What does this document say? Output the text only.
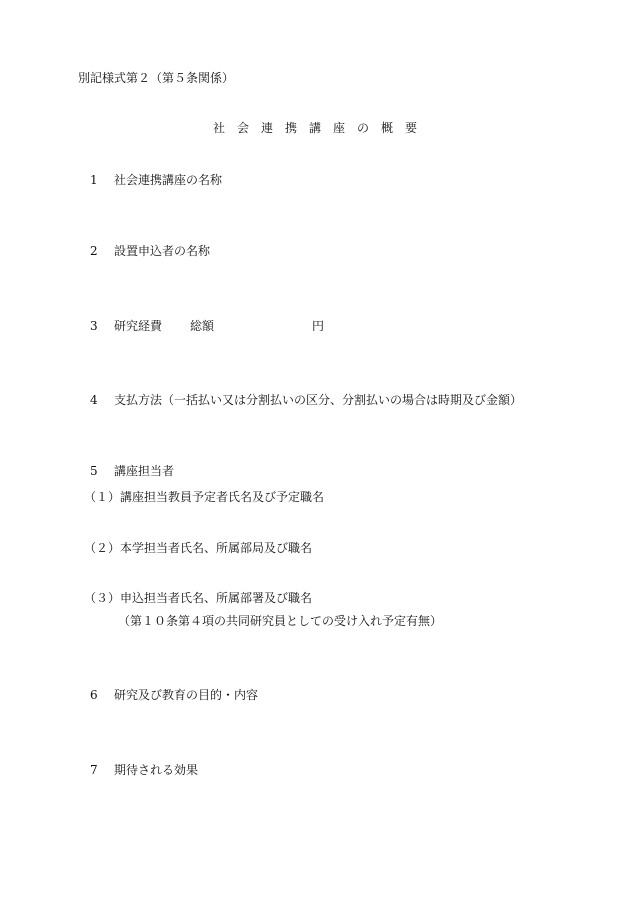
別記様式第２（第５条関係）
社会連携講座の概要
1 社会連携講座の名称
2 設置申込者の名称
3 研究経費 総額	円
4 支払方法（一括払い又は分割払いの区分、分割払いの場合は時期及び金額）
5 講座担当者
（１）講座担当教員予定者氏名及び予定職名
（２）本学担当者氏名、所属部局及び職名
（３）申込担当者氏名、所属部署及び職名
（第１０条第４項の共同研究員としての受け入れ予定有無）
6 研究及び教育の目的・内容
7 期待される効果
